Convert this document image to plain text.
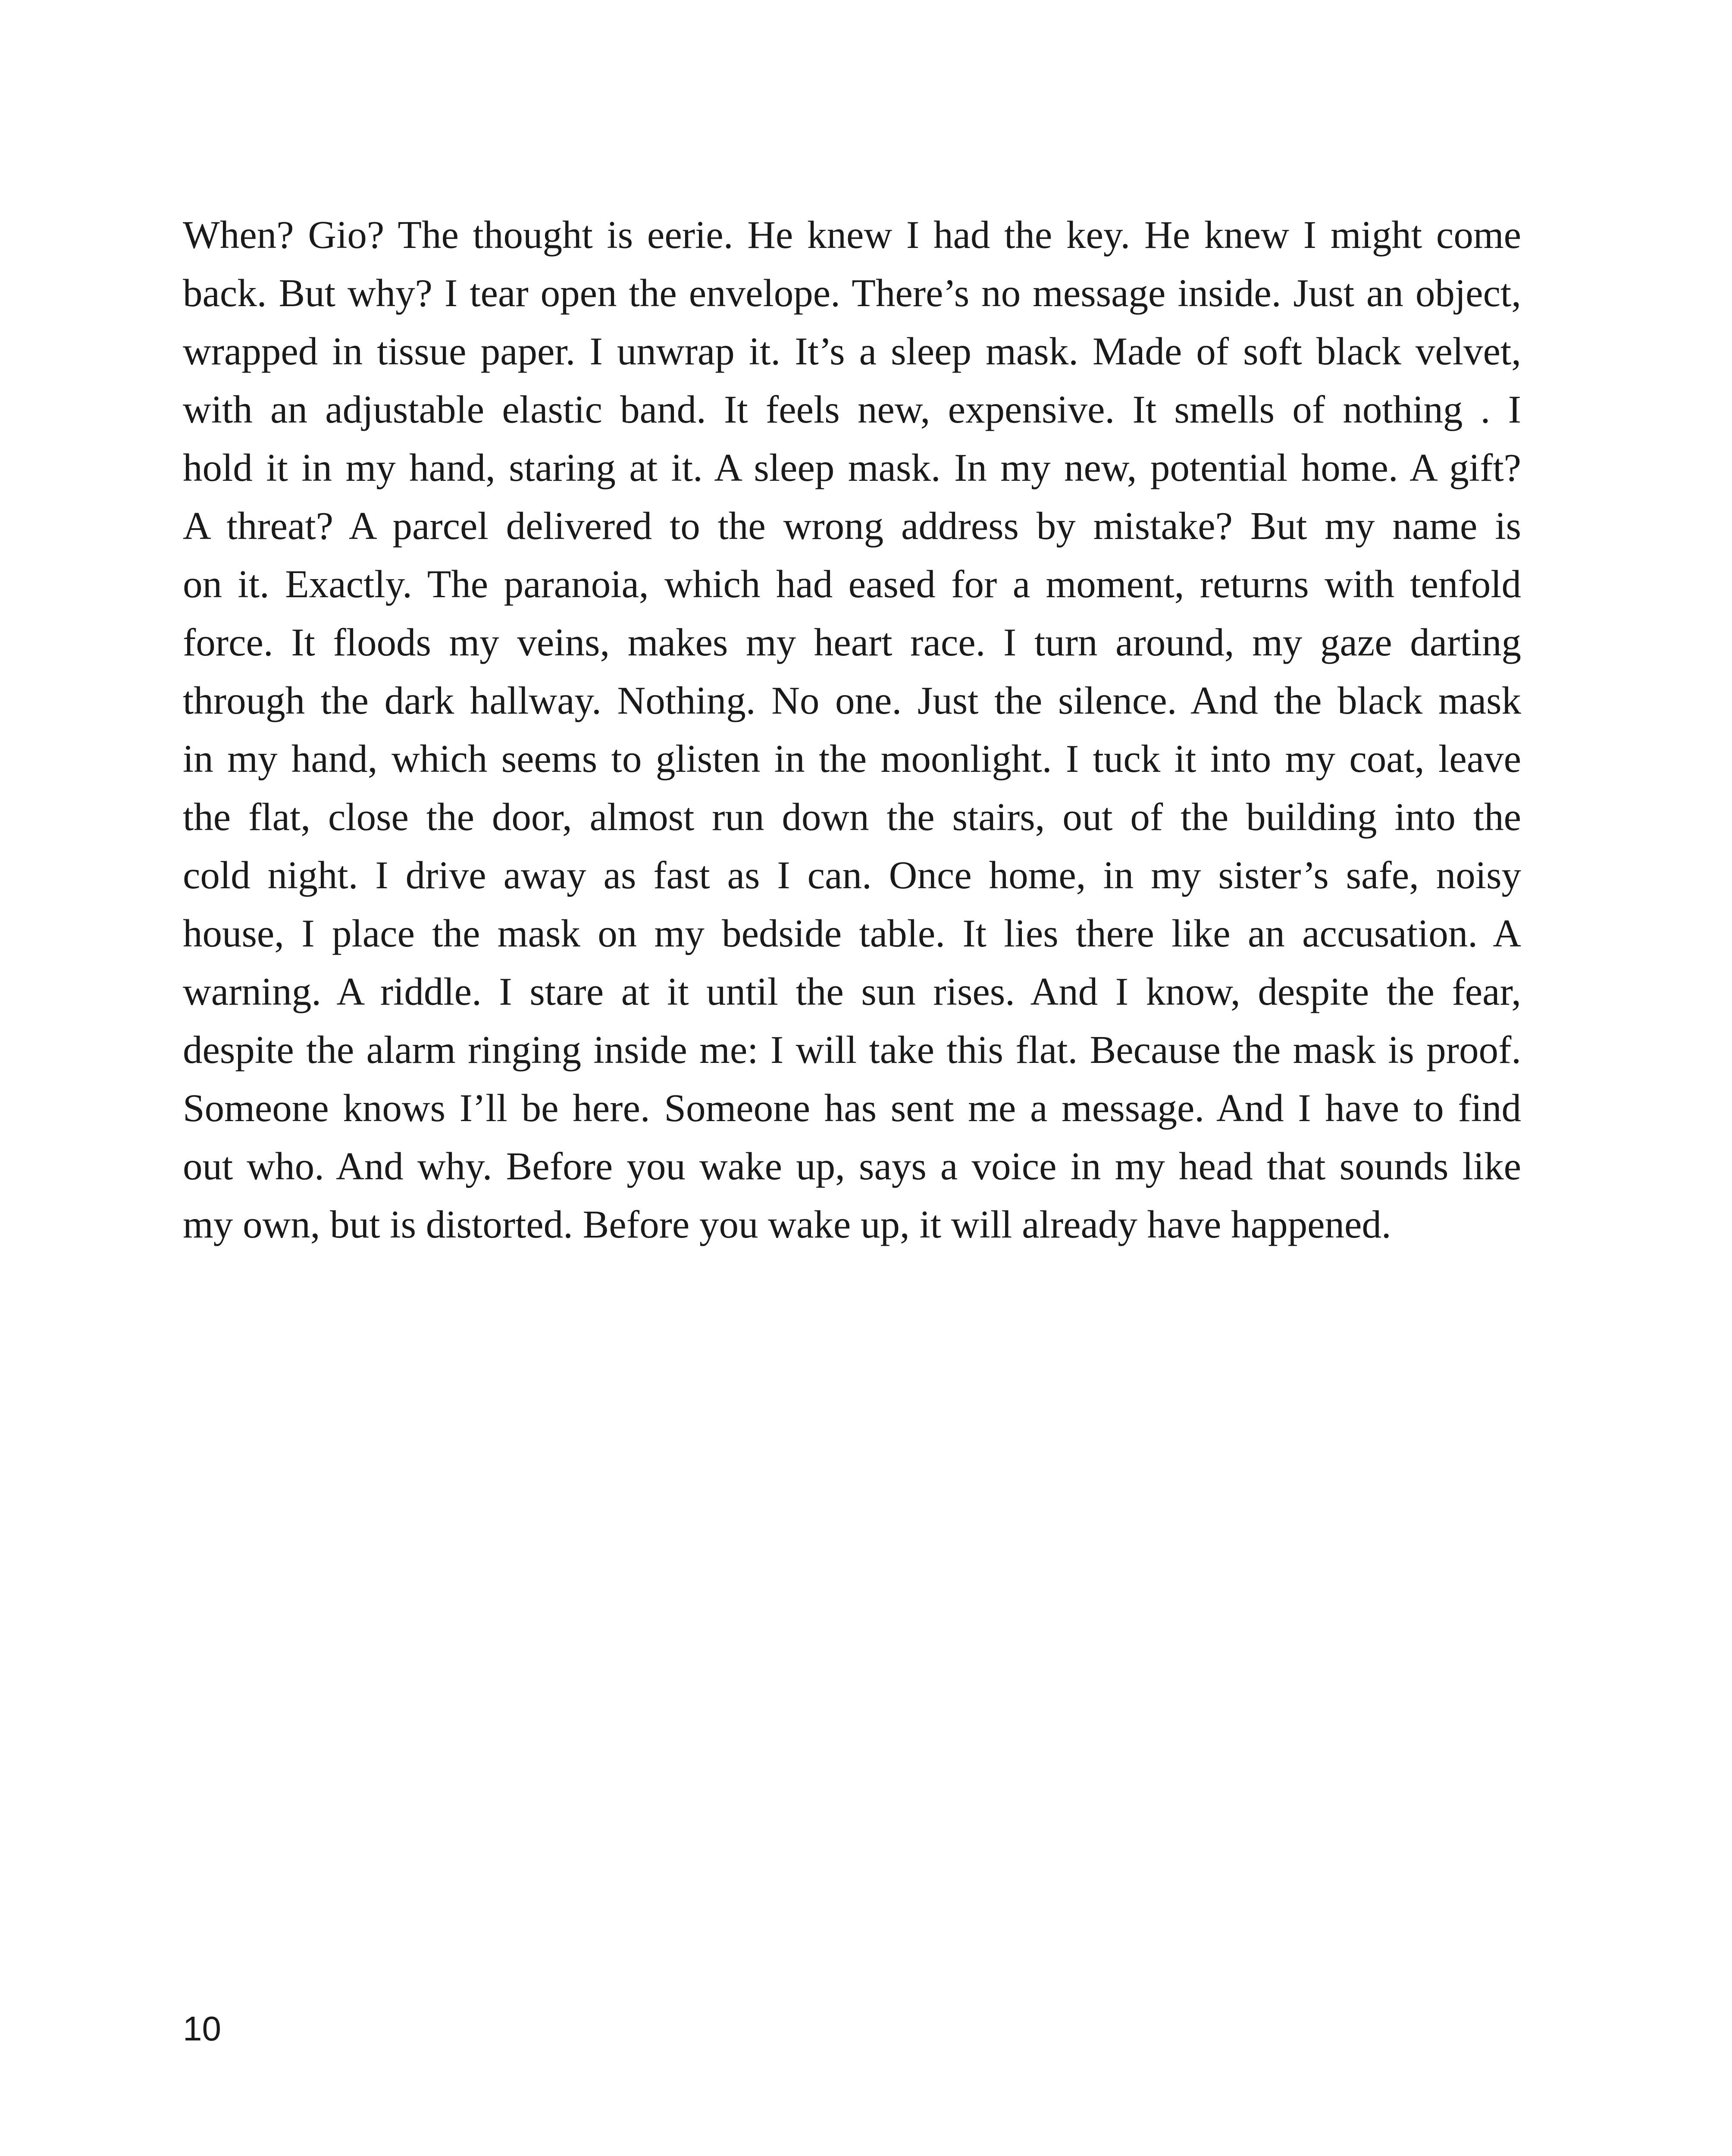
When? Gio? The thought is eerie. He knew I had the key. He knew I might come
back. But why? I tear open the envelope. There’s no message inside. Just an object,
wrapped in tissue paper. I unwrap it. It’s a sleep mask. Made of soft black velvet,
with an adjustable elastic band. It feels new, expensive. It smells of nothing . I
hold it in my hand, staring at it. A sleep mask. In my new, potential home. A gift?
A threat? A parcel delivered to the wrong address by mistake? But my name is
on it. Exactly. The paranoia, which had eased for a moment, returns with tenfold
force. It floods my veins, makes my heart race. I turn around, my gaze darting
through the dark hallway. Nothing. No one. Just the silence. And the black mask
in my hand, which seems to glisten in the moonlight. I tuck it into my coat, leave
the flat, close the door, almost run down the stairs, out of the building into the
cold night. I drive away as fast as I can. Once home, in my sister’s safe, noisy
house, I place the mask on my bedside table. It lies there like an accusation. A
warning. A riddle. I stare at it until the sun rises. And I know, despite the fear,
despite the alarm ringing inside me: I will take this flat. Because the mask is proof.
Someone knows I’ll be here. Someone has sent me a message. And I have to find
out who. And why. Before you wake up, says a voice in my head that sounds like
my own, but is distorted. Before you wake up, it will already have happened.
10
